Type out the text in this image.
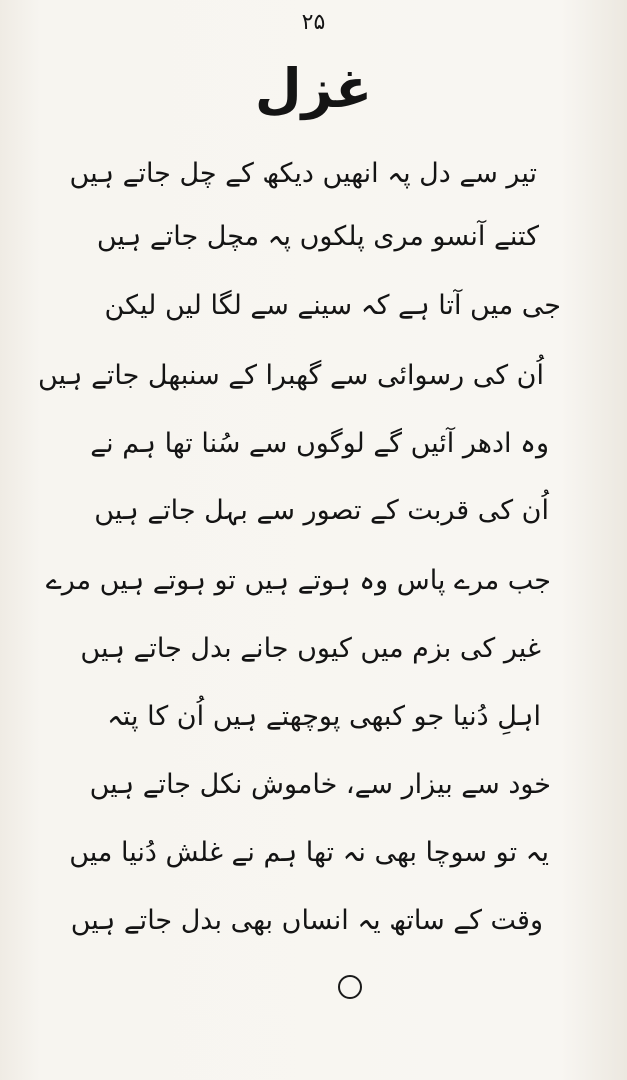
۲۵
غزل
تیر سے دل پہ انھیں دیکھ کے چل جاتے ہیں
کتنے آنسو مری پلکوں پہ مچل جاتے ہیں
جی میں آتا ہے کہ سینے سے لگا لیں لیکن
اُن کی رسوائی سے گھبرا کے سنبھل جاتے ہیں
وہ ادھر آئیں گے لوگوں سے سُنا تھا ہم نے
اُن کی قربت کے تصور سے بہل جاتے ہیں
جب مرے پاس وہ ہوتے ہیں تو ہوتے ہیں مرے
غیر کی بزم میں کیوں جانے بدل جاتے ہیں
اہلِ دُنیا جو کبھی پوچھتے ہیں اُن کا پتہ
خود سے بیزار سے، خاموش نکل جاتے ہیں
یہ تو سوچا بھی نہ تھا ہم نے غلش دُنیا میں
وقت کے ساتھ یہ انساں بھی بدل جاتے ہیں
